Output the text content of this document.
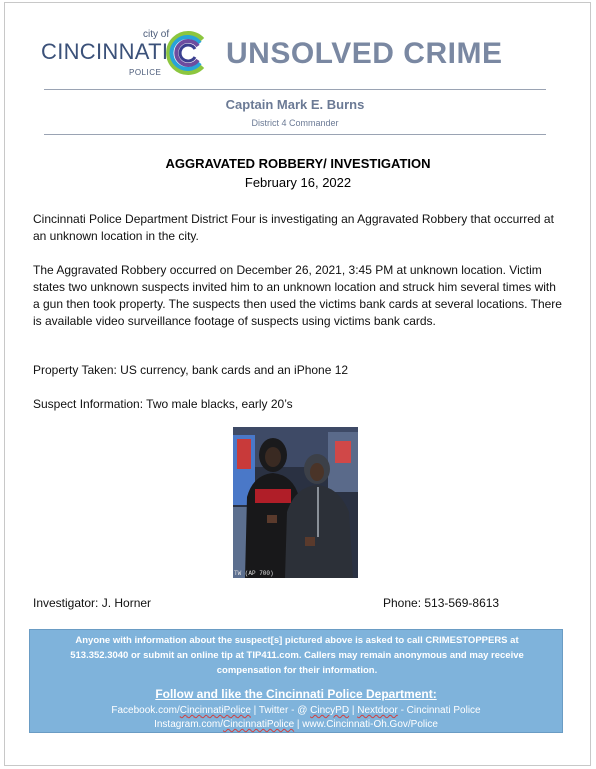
city of
CINCINNATI
POLICE
UNSOLVED CRIME
Captain Mark E. Burns
District 4 Commander
AGGRAVATED ROBBERY/ INVESTIGATION
February 16, 2022

Cincinnati Police Department District Four is investigating an Aggravated Robbery that occurred at an unknown location in the city.

The Aggravated Robbery occurred on December 26, 2021, 3:45 PM at unknown location. Victim states two unknown suspects invited him to an unknown location and struck him several times with a gun then took property. The suspects then used the victims bank cards at several locations. There is available video surveillance footage of suspects using victims bank cards.

Property Taken: US currency, bank cards and an iPhone 12

Suspect Information: Two male blacks, early 20’s

TW (AP 700)
Investigator: J. Horner	Phone: 513-569-8613
Anyone with information about the suspect[s] pictured above is asked to call CRIMESTOPPERS at 513.352.3040 or submit an online tip at TIP411.com. Callers may remain anonymous and may receive compensation for their information.
Follow and like the Cincinnati Police Department:
Facebook.com/CincinnatiPolice | Twitter - @ CincyPD | Nextdoor - Cincinnati Police
Instagram.com/CincinnatiPolice | www.Cincinnati-Oh.Gov/Police
